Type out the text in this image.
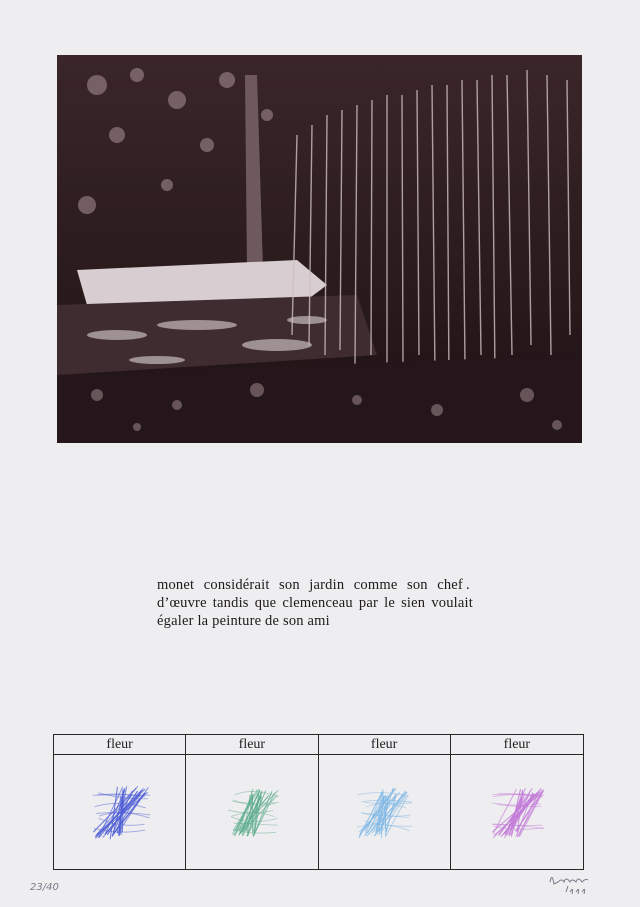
monet considérait son jardin comme son chef . d’œuvre tandis que clemenceau par le sien voulait égaler la peinture de son ami
fleur	fleur	fleur	fleur
23/40
